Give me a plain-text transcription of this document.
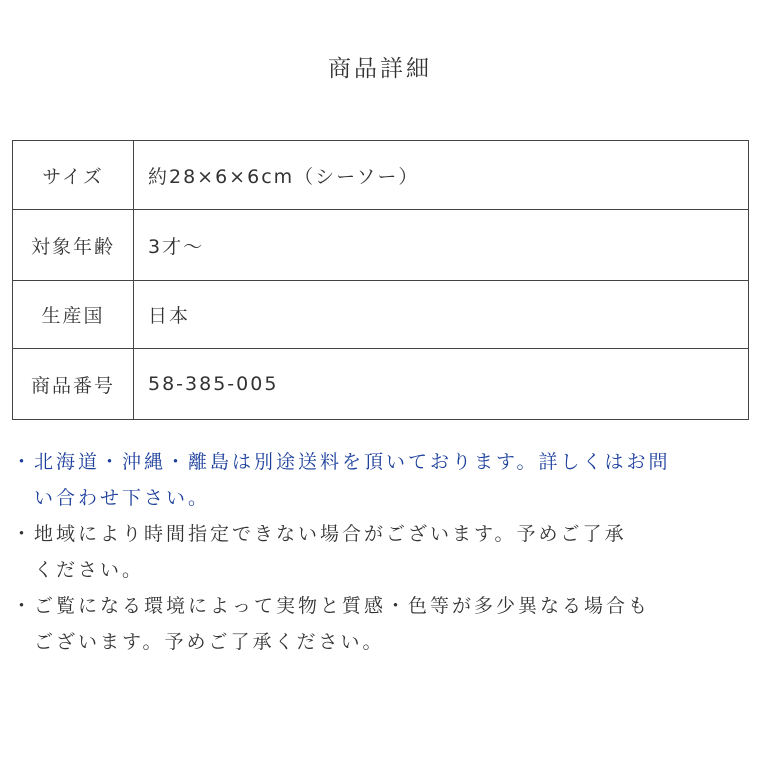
商品詳細
サイズ	約28×6×6cm（シーソー）
対象年齢	3才～
生産国	日本
商品番号	58-385-005

・ 北海道・沖縄・離島は別途送料を頂いております。詳しくはお問
い合わせ下さい。

・ 地域により時間指定できない場合がございます。予めご了承
ください。

・ ご覧になる環境によって実物と質感・色等が多少異なる場合も
ございます。予めご了承ください。
